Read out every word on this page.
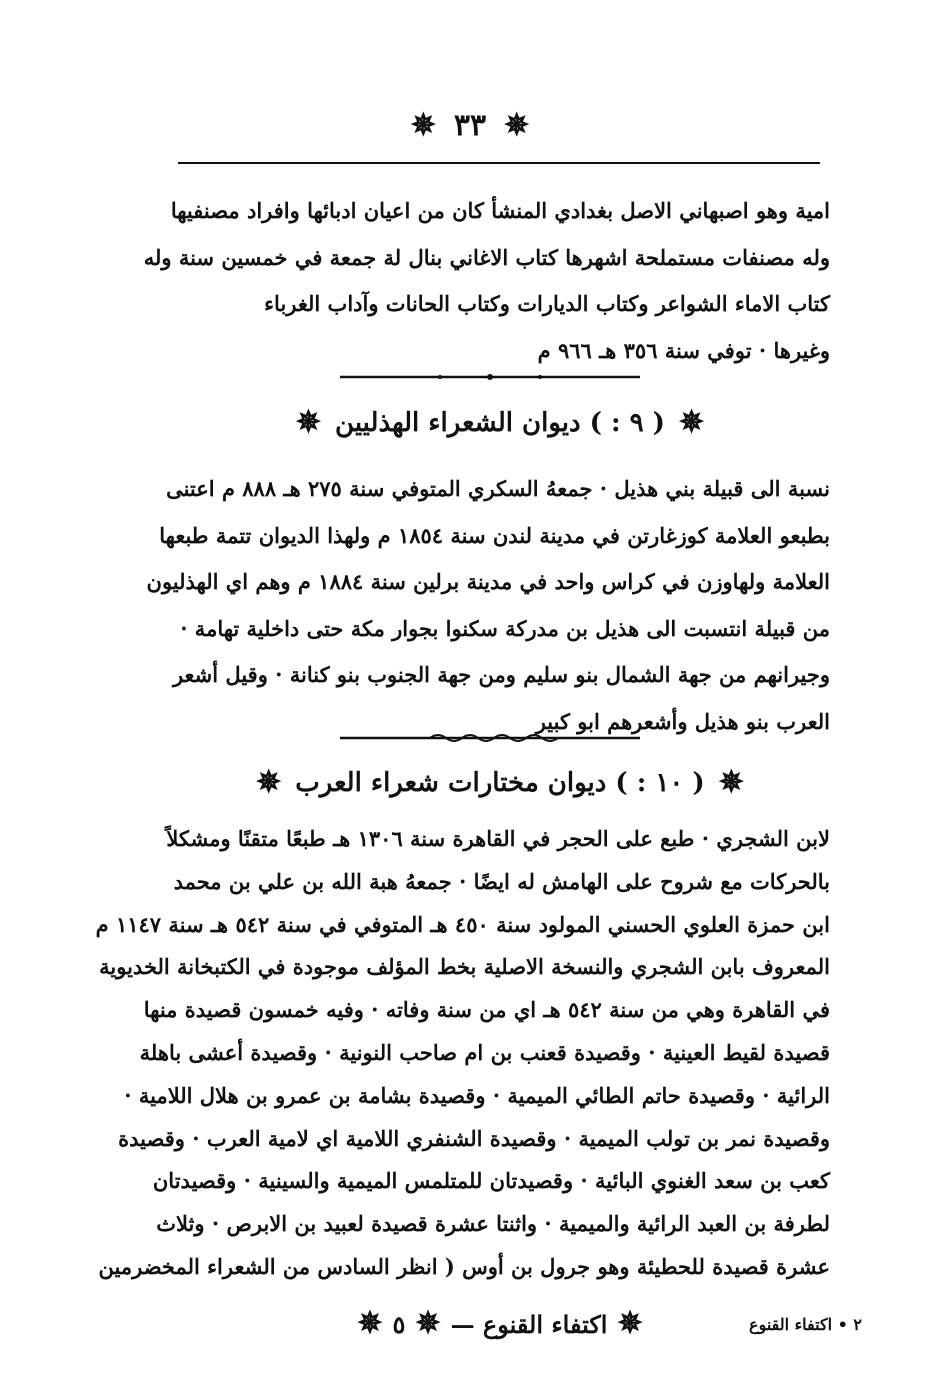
✵ ٣٣ ✵
امية وهو اصبهاني الاصل بغدادي المنشأ كان من اعيان ادبائها وافراد مصنفيها
وله مصنفات مستملحة اشهرها كتاب الاغاني بنال لة جمعة في خمسين سنة وله
كتاب الاماء الشواعر وكتاب الديارات وكتاب الحانات وآداب الغرباء
وغيرها · توفي سنة ٣٥٦ هـ ٩٦٦ م
✵
( ٩ : ) ديوان الشعراء الهذليين
✵
نسبة الى قبيلة بني هذيل · جمعهُ السكري المتوفي سنة ٢٧٥ هـ ٨٨٨ م اعتنى
بطبعو العلامة كوزغارتن في مدينة لندن سنة ١٨٥٤ م ولهذا الديوان تتمة طبعها
العلامة ولهاوزن في كراس واحد في مدينة برلين سنة ١٨٨٤ م وهم اي الهذليون
من قبيلة انتسبت الى هذيل بن مدركة سكنوا بجوار مكة حتى داخلية تهامة ·
وجيرانهم من جهة الشمال بنو سليم ومن جهة الجنوب بنو كنانة · وقيل أشعر
العرب بنو هذيل وأشعرهم ابو كبير
✵
( ١٠ : ) ديوان مختارات شعراء العرب
✵
لابن الشجري · طبع على الحجر في القاهرة سنة ١٣٠٦ هـ طبعًا متقنًا ومشكلاً
بالحركات مع شروح على الهامش له ايضًا · جمعهُ هبة الله بن علي بن محمد
ابن حمزة العلوي الحسني المولود سنة ٤٥٠ هـ المتوفي في سنة ٥٤٢ هـ سنة ١١٤٧ م
المعروف بابن الشجري والنسخة الاصلية بخط المؤلف موجودة في الكتبخانة الخديوية
في القاهرة وهي من سنة ٥٤٢ هـ اي من سنة وفاته · وفيه خمسون قصيدة منها
قصيدة لقيط العينية · وقصيدة قعنب بن ام صاحب النونية · وقصيدة أعشى باهلة
الرائية · وقصيدة حاتم الطائي الميمية · وقصيدة بشامة بن عمرو بن هلال اللامية ·
وقصيدة نمر بن تولب الميمية · وقصيدة الشنفري اللامية اي لامية العرب · وقصيدة
كعب بن سعد الغنوي البائية · وقصيدتان للمتلمس الميمية والسينية · وقصيدتان
لطرفة بن العبد الرائية والميمية · واثنتا عشرة قصيدة لعبيد بن الابرص · وثلاث
عشرة قصيدة للحطيئة وهو جرول بن أوس ( انظر السادس من الشعراء المخضرمين
٢ • اكتفاء القنوع
✵
اكتفاء القنوع —
✵
٥
✵
